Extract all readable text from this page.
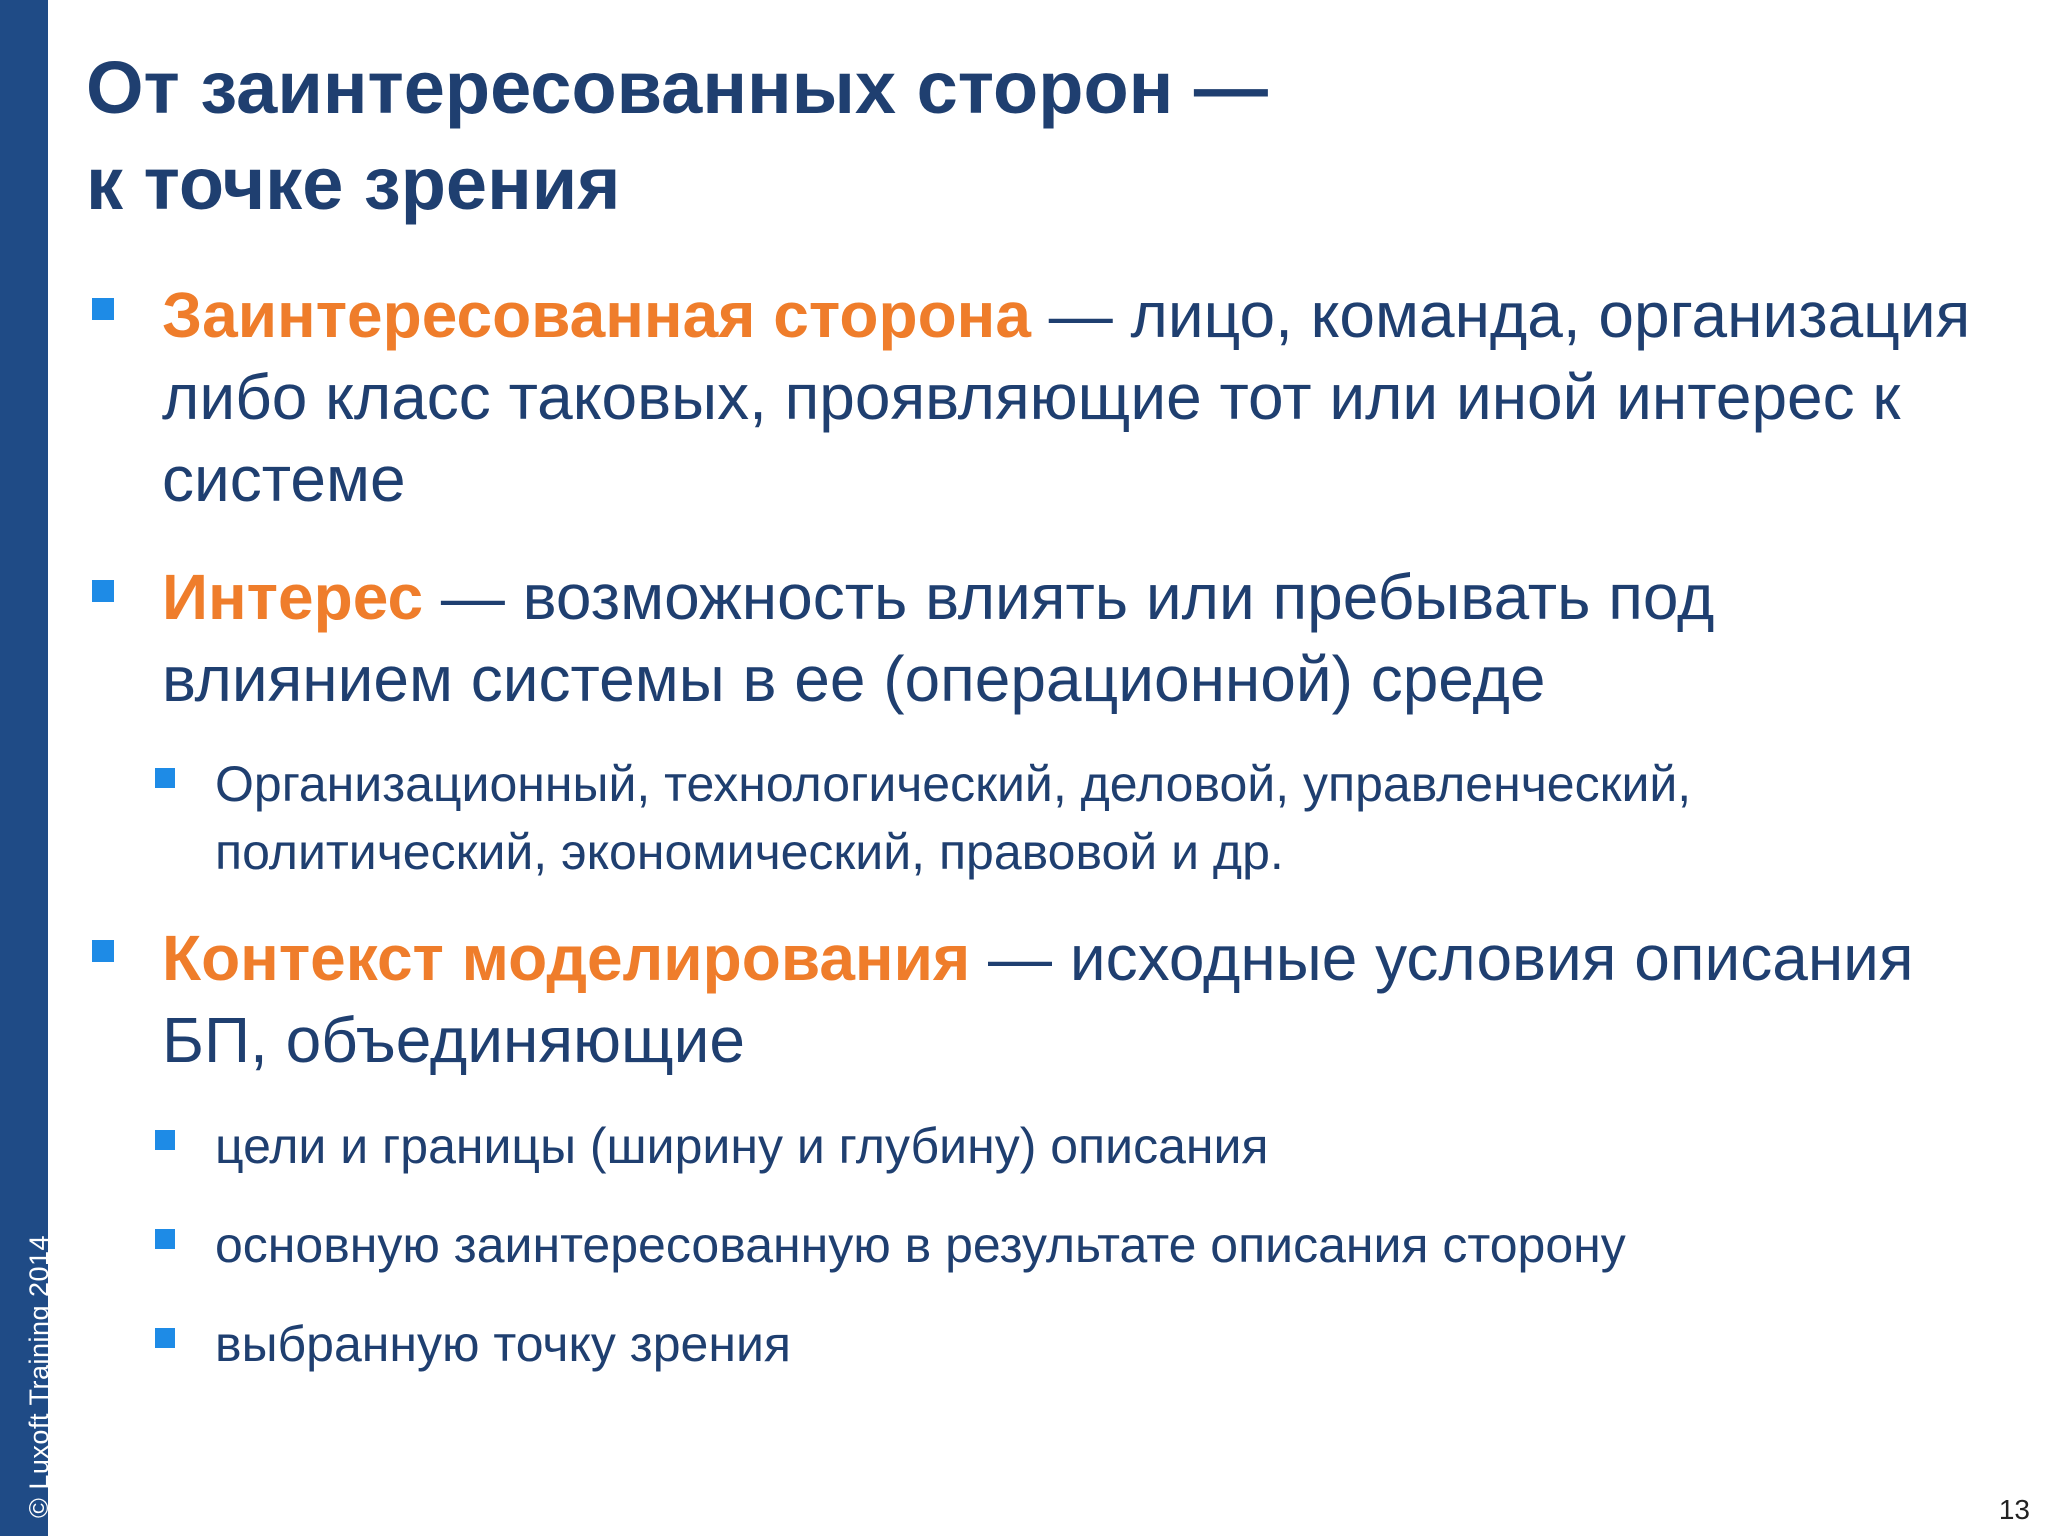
© Luxoft Training 2014
От заинтересованных сторон —
к точке зрения
Заинтересованная сторона — лицо, команда, организация либо класс таковых, проявляющие тот или иной интерес к системе
Интерес — возможность влиять или пребывать под влиянием системы в ее (операционной) среде
Организационный, технологический, деловой, управленческий, политический, экономический, правовой и др.
Контекст моделирования — исходные условия описания БП, объединяющие
цели и границы (ширину и глубину) описания
основную заинтересованную в результате описания сторону
выбранную точку зрения
13
